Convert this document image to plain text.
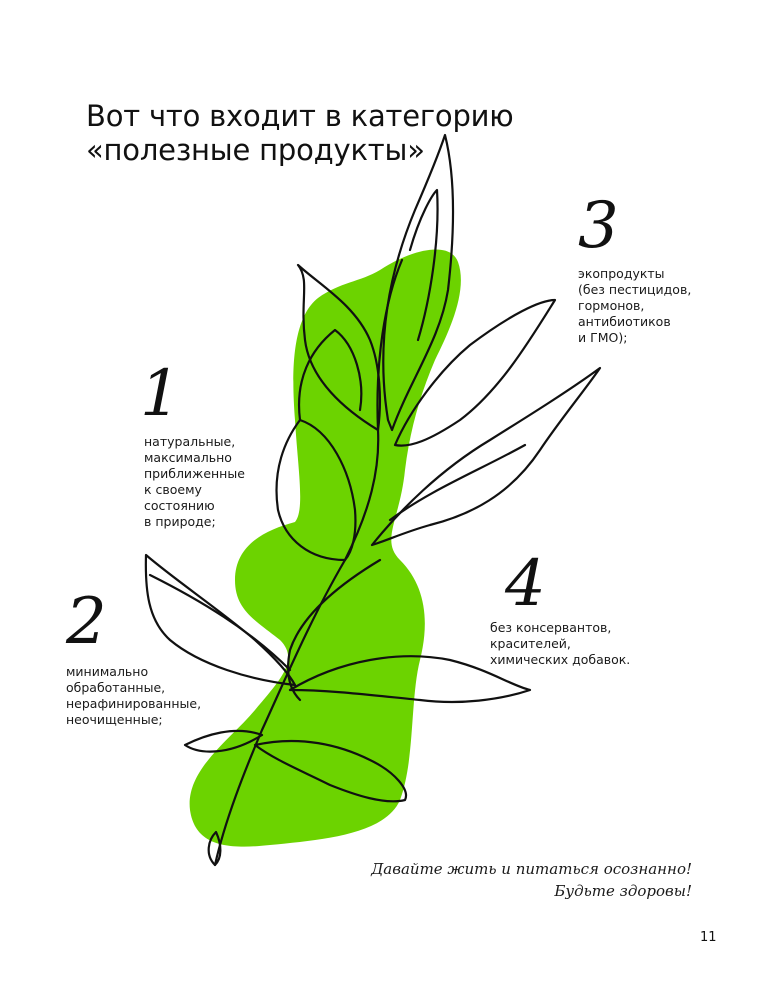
Вот что входит в категорию
«полезные продукты»
1
натуральные,
максимально
приближенные
к своему
состоянию
в природе;
2
минимально
обработанные,
нерафинированные,
неочищенные;
3
экопродукты
(без пестицидов,
гормонов,
антибиотиков
и ГМО);
4
без консервантов,
красителей,
химических добавок.
Давайте жить и питаться осознанно!
Будьте здоровы!
11
